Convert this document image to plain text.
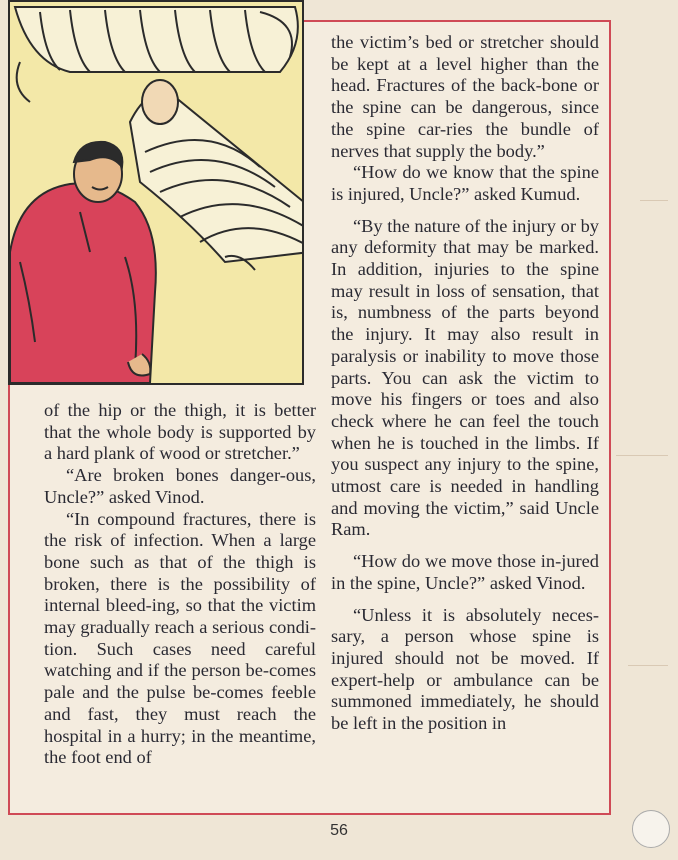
of the hip or the thigh, it is better that the whole body is supported by a hard plank of wood or stretcher.”

“Are broken bones danger-ous, Uncle?” asked Vinod.

“In compound fractures, there is the risk of infection. When a large bone such as that of the thigh is broken, there is the possibility of internal bleed-ing, so that the victim may gradually reach a serious condi-tion. Such cases need careful watching and if the person be-comes pale and the pulse be-comes feeble and fast, they must reach the hospital in a hurry; in the meantime, the foot end of

the victim’s bed or stretcher should be kept at a level higher than the head. Fractures of the back-bone or the spine can be dangerous, since the spine car-ries the bundle of nerves that supply the body.”

“How do we know that the spine is injured, Uncle?” asked Kumud.

“By the nature of the injury or by any deformity that may be marked. In addition, injuries to the spine may result in loss of sensation, that is, numbness of the parts beyond the injury. It may also result in paralysis or inability to move those parts. You can ask the victim to move his fingers or toes and also check where he can feel the touch when he is touched in the limbs. If you suspect any injury to the spine, utmost care is needed in handling and moving the victim,” said Uncle Ram.

“How do we move those in-jured in the spine, Uncle?” asked Vinod.

“Unless it is absolutely neces-sary, a person whose spine is injured should not be moved. If expert-help or ambulance can be summoned immediately, he should be left in the position in

56
